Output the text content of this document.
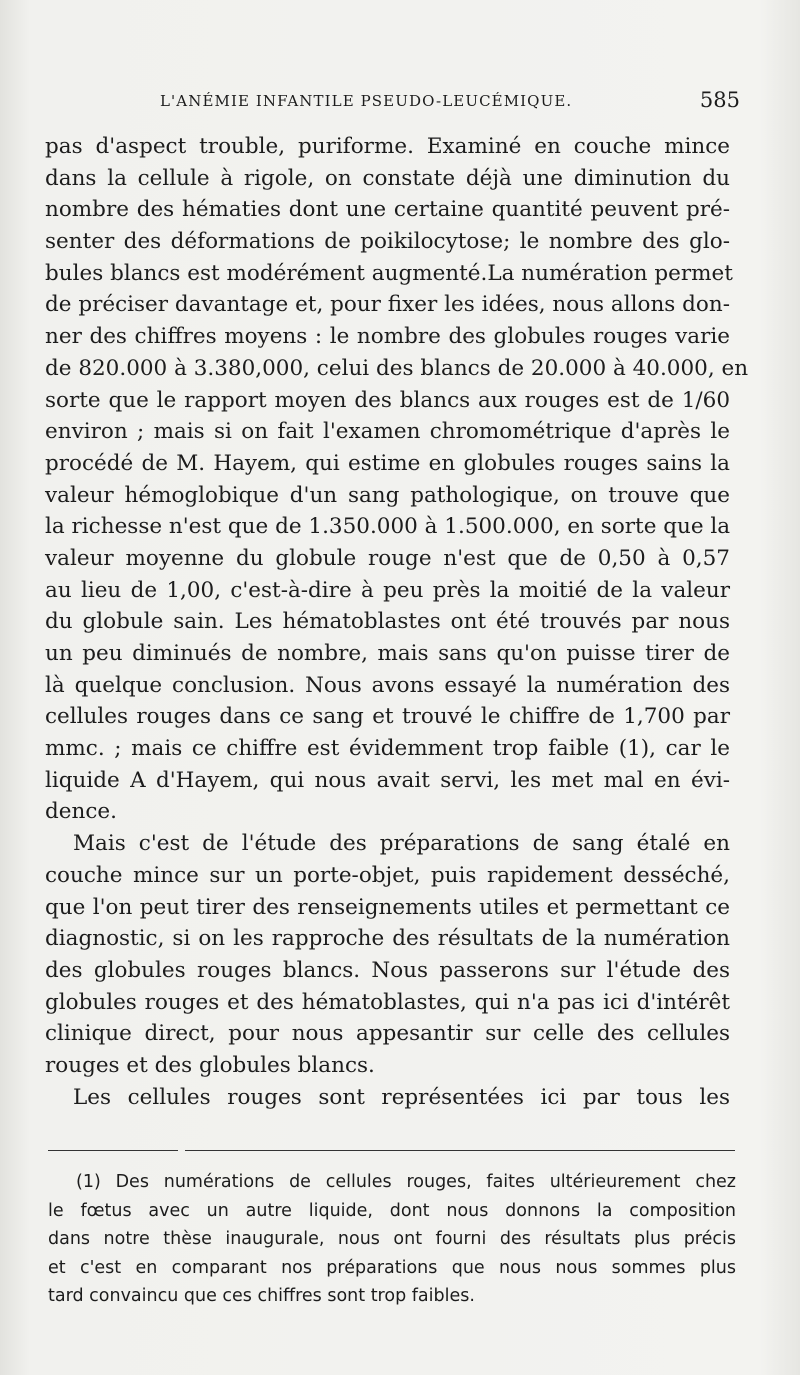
L'ANÉMIE INFANTILE PSEUDO-LEUCÉMIQUE.	585
pas d'aspect trouble, puriforme. Examiné en couche mince
dans la cellule à rigole, on constate déjà une diminution du
nombre des hématies dont une certaine quantité peuvent pré-
senter des déformations de poikilocytose; le nombre des glo-
bules blancs est modérément augmenté.La numération permet
de préciser davantage et, pour fixer les idées, nous allons don-
ner des chiffres moyens : le nombre des globules rouges varie
de 820.000 à 3.380,000, celui des blancs de 20.000 à 40.000, en
sorte que le rapport moyen des blancs aux rouges est de 1/60
environ ; mais si on fait l'examen chromométrique d'après le
procédé de M. Hayem, qui estime en globules rouges sains la
valeur hémoglobique d'un sang pathologique, on trouve que
la richesse n'est que de 1.350.000 à 1.500.000, en sorte que la
valeur moyenne du globule rouge n'est que de 0,50 à 0,57
au lieu de 1,00, c'est-à-dire à peu près la moitié de la valeur
du globule sain. Les hématoblastes ont été trouvés par nous
un peu diminués de nombre, mais sans qu'on puisse tirer de
là quelque conclusion. Nous avons essayé la numération des
cellules rouges dans ce sang et trouvé le chiffre de 1,700 par
mmc. ; mais ce chiffre est évidemment trop faible (1), car le
liquide A d'Hayem, qui nous avait servi, les met mal en évi-
dence.
Mais c'est de l'étude des préparations de sang étalé en
couche mince sur un porte-objet, puis rapidement desséché,
que l'on peut tirer des renseignements utiles et permettant ce
diagnostic, si on les rapproche des résultats de la numération
des globules rouges blancs. Nous passerons sur l'étude des
globules rouges et des hématoblastes, qui n'a pas ici d'intérêt
clinique direct, pour nous appesantir sur celle des cellules
rouges et des globules blancs.
Les cellules rouges sont représentées ici par tous les
(1) Des numérations de cellules rouges, faites ultérieurement chez
le fœtus avec un autre liquide, dont nous donnons la composition
dans notre thèse inaugurale, nous ont fourni des résultats plus précis
et c'est en comparant nos préparations que nous nous sommes plus
tard convaincu que ces chiffres sont trop faibles.
